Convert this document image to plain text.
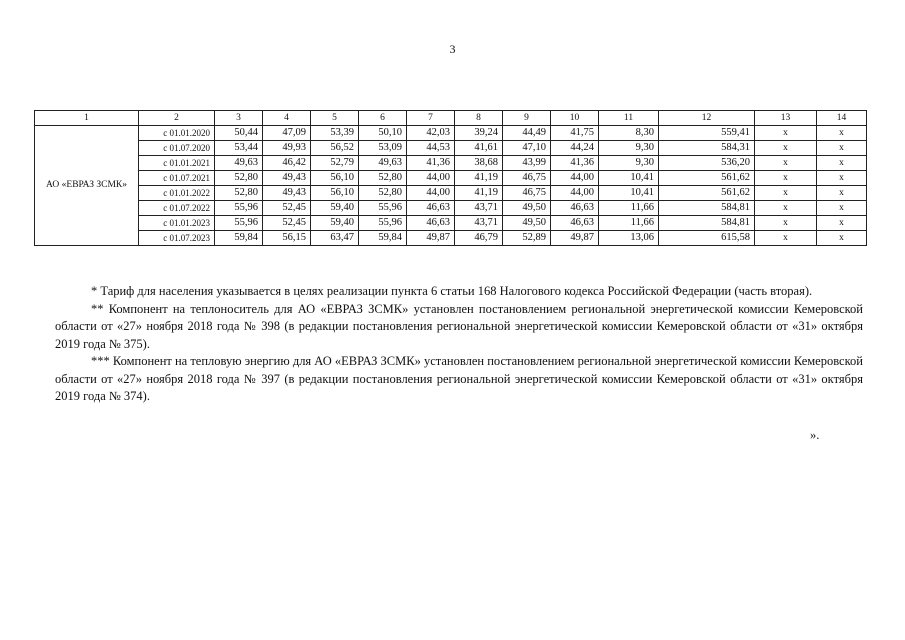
3
1	2	3	4	5	6	7	8	9	10	11	12	13	14
АО «ЕВРАЗ ЗСМК»	с 01.01.2020	50,44	47,09	53,39	50,10	42,03	39,24	44,49	41,75	8,30	559,41	х	х
	с 01.07.2020	53,44	49,93	56,52	53,09	44,53	41,61	47,10	44,24	9,30	584,31	х	х
	с 01.01.2021	49,63	46,42	52,79	49,63	41,36	38,68	43,99	41,36	9,30	536,20	х	х
	с 01.07.2021	52,80	49,43	56,10	52,80	44,00	41,19	46,75	44,00	10,41	561,62	х	х
	с 01.01.2022	52,80	49,43	56,10	52,80	44,00	41,19	46,75	44,00	10,41	561,62	х	х
	с 01.07.2022	55,96	52,45	59,40	55,96	46,63	43,71	49,50	46,63	11,66	584,81	х	х
	с 01.01.2023	55,96	52,45	59,40	55,96	46,63	43,71	49,50	46,63	11,66	584,81	х	х
	с 01.07.2023	59,84	56,15	63,47	59,84	49,87	46,79	52,89	49,87	13,06	615,58	х	х

* Тариф для населения указывается в целях реализации пункта 6 статьи 168 Налогового кодекса Российской Федерации (часть вторая).

** Компонент на теплоноситель для АО «ЕВРАЗ ЗСМК» установлен постановлением региональной энергетической комиссии Кемеровской области от «27» ноября 2018 года № 398 (в редакции постановления региональной энергетической комиссии Кемеровской области от «31» октября 2019 года № 375).

*** Компонент на тепловую энергию для АО «ЕВРАЗ ЗСМК» установлен постановлением региональной энергетической комиссии Кемеровской области от «27» ноября 2018 года № 397 (в редакции постановления региональной энергетической комиссии Кемеровской области от «31» октября 2019 года № 374).

».
